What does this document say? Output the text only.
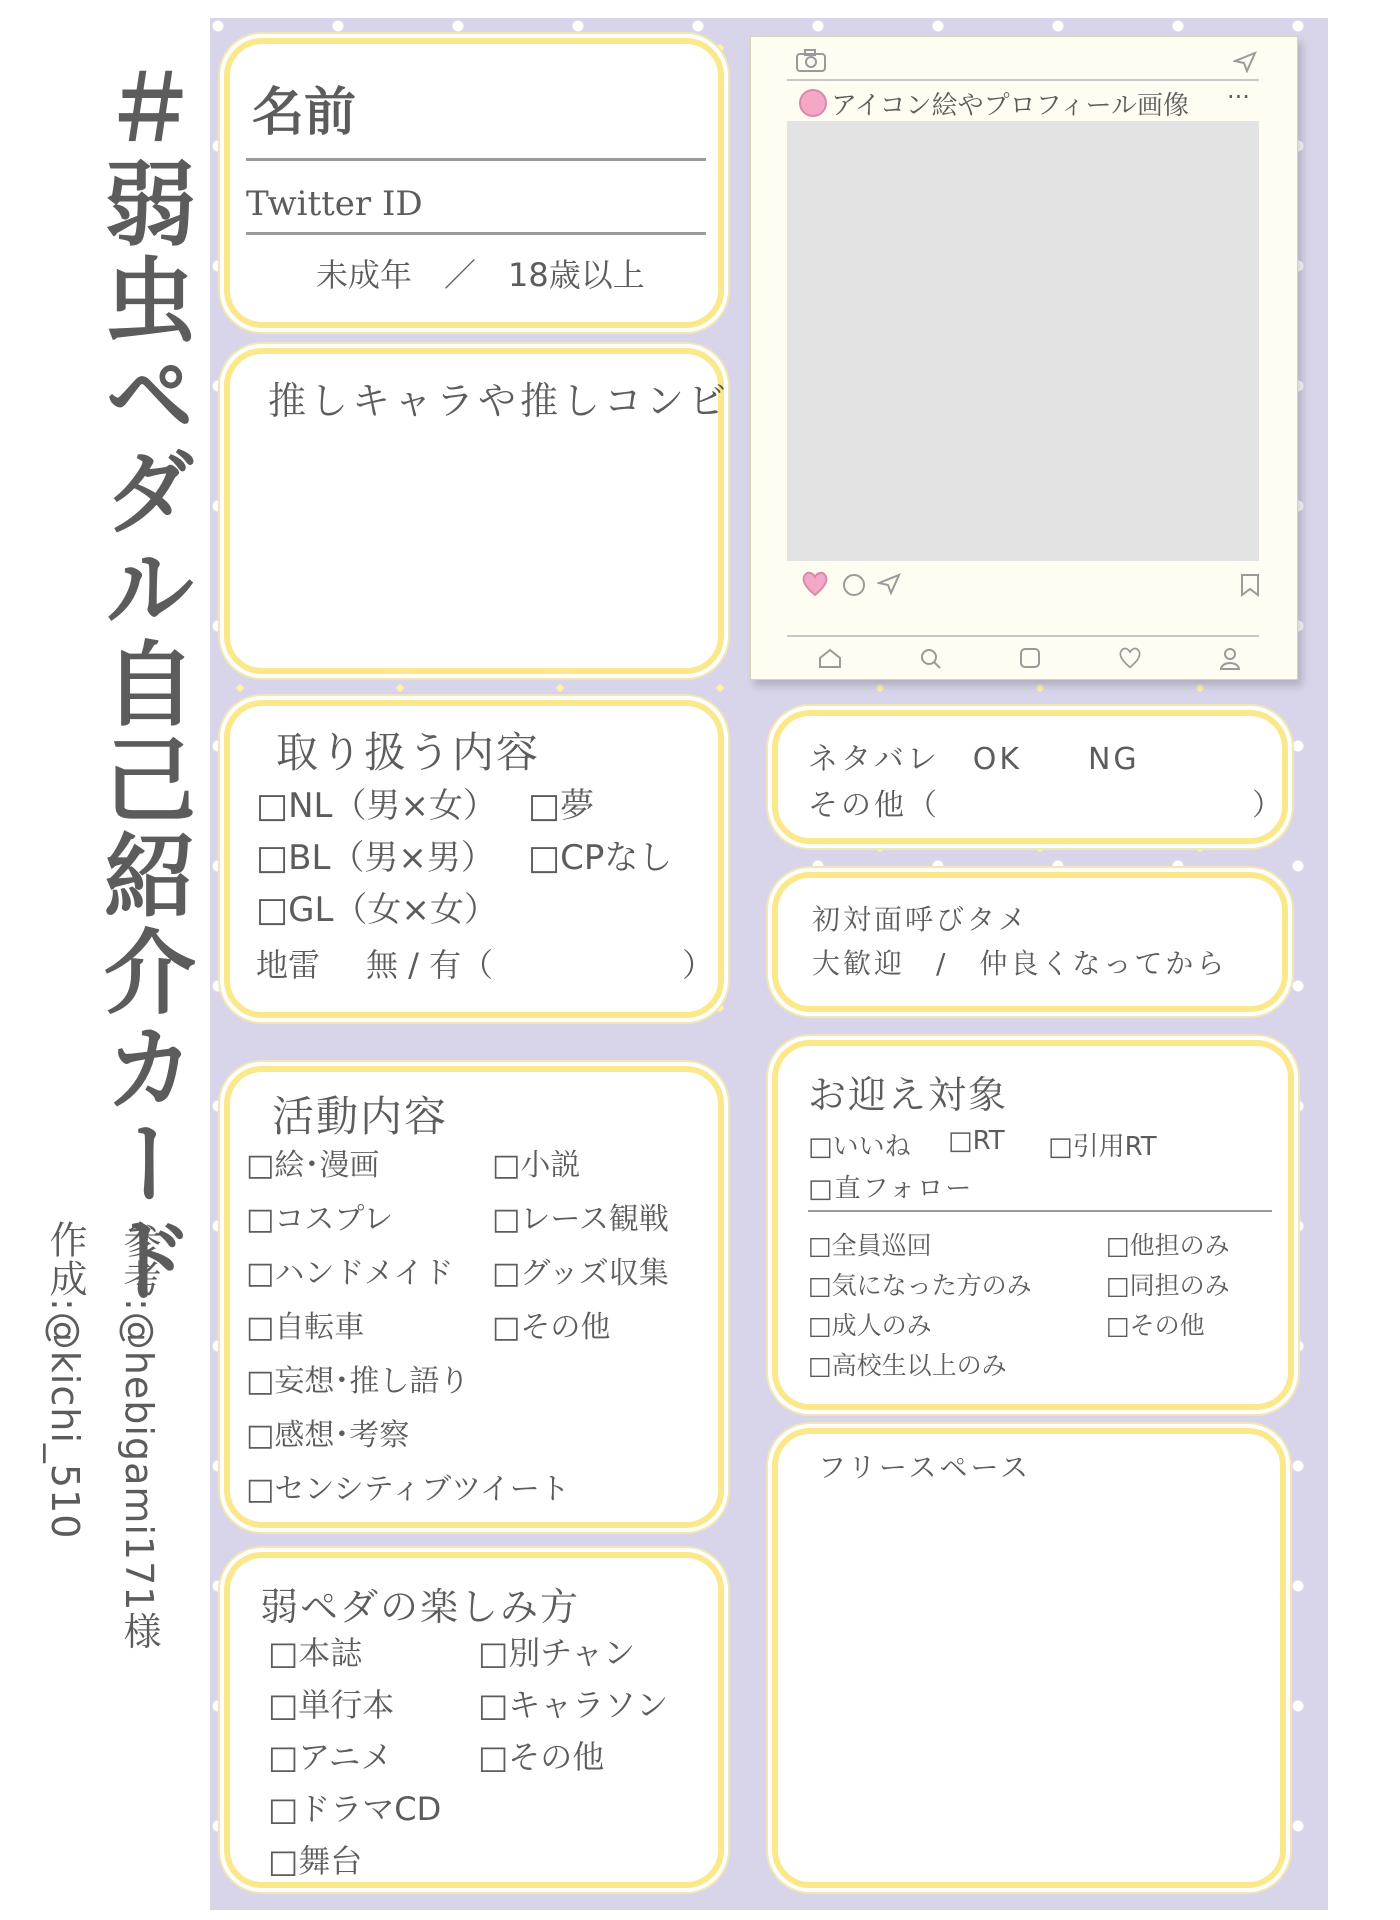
＃弱虫ペダル自己紹介カード
参考:@hebigami171様
作成:@kichi_510
名前
Twitter ID
未成年　／　18歳以上
推しキャラや推しコンビ
アイコン絵やプロフィール画像 ···
取り扱う内容
□NL（男×女） □夢
□BL（男×男） □CPなし
□GL（女×女）
地雷 無 / 有（	）
ネタバレ　OK　　NG
その他（	）
初対面呼びタメ
大歓迎　/　仲良くなってから
活動内容
□絵･漫画
□コスプレ
□ハンドメイド
□自転車
□妄想･推し語り
□感想･考察
□センシティブツイート
□小説
□レース観戦
□グッズ収集
□その他
お迎え対象
□いいね □RT □引用RT
□直フォロー
□全員巡回
□気になった方のみ
□成人のみ
□高校生以上のみ
□他担のみ
□同担のみ
□その他
弱ペダの楽しみ方
□本誌
□単行本
□アニメ
□ドラマCD
□舞台
□別チャン
□キャラソン
□その他
フリースペース
